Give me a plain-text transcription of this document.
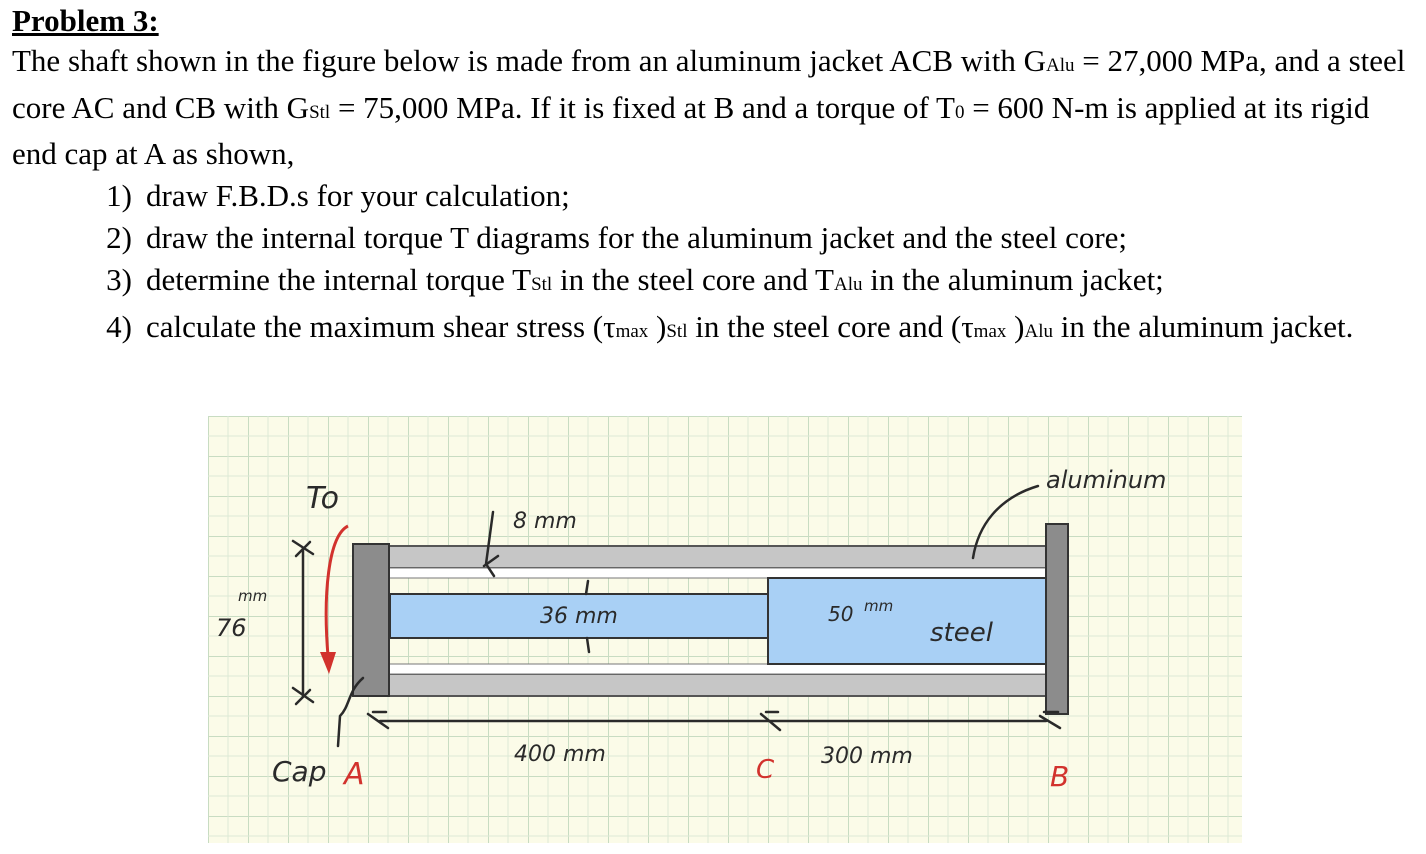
Problem 3:

The shaft shown in the figure below is made from an aluminum jacket ACB with GAlu = 27,000 MPa, and a steel core AC and CB with GStl = 75,000 MPa. If it is fixed at B and a torque of T0 = 600 N-m is applied at its rigid end cap at A as shown,

1) draw F.B.D.s for your calculation;
2) draw the internal torque T diagrams for the aluminum jacket and the steel core;
3) determine the internal torque TStl in the steel core and TAlu in the aluminum jacket;
4) calculate the maximum shear stress (τmax )Stl in the steel core and (τmax )Alu in the aluminum jacket.
To
8 mm
mm
76	36 mm	50 mm
steel
aluminum
Cap
400 mm	300 mm
A	C	B
